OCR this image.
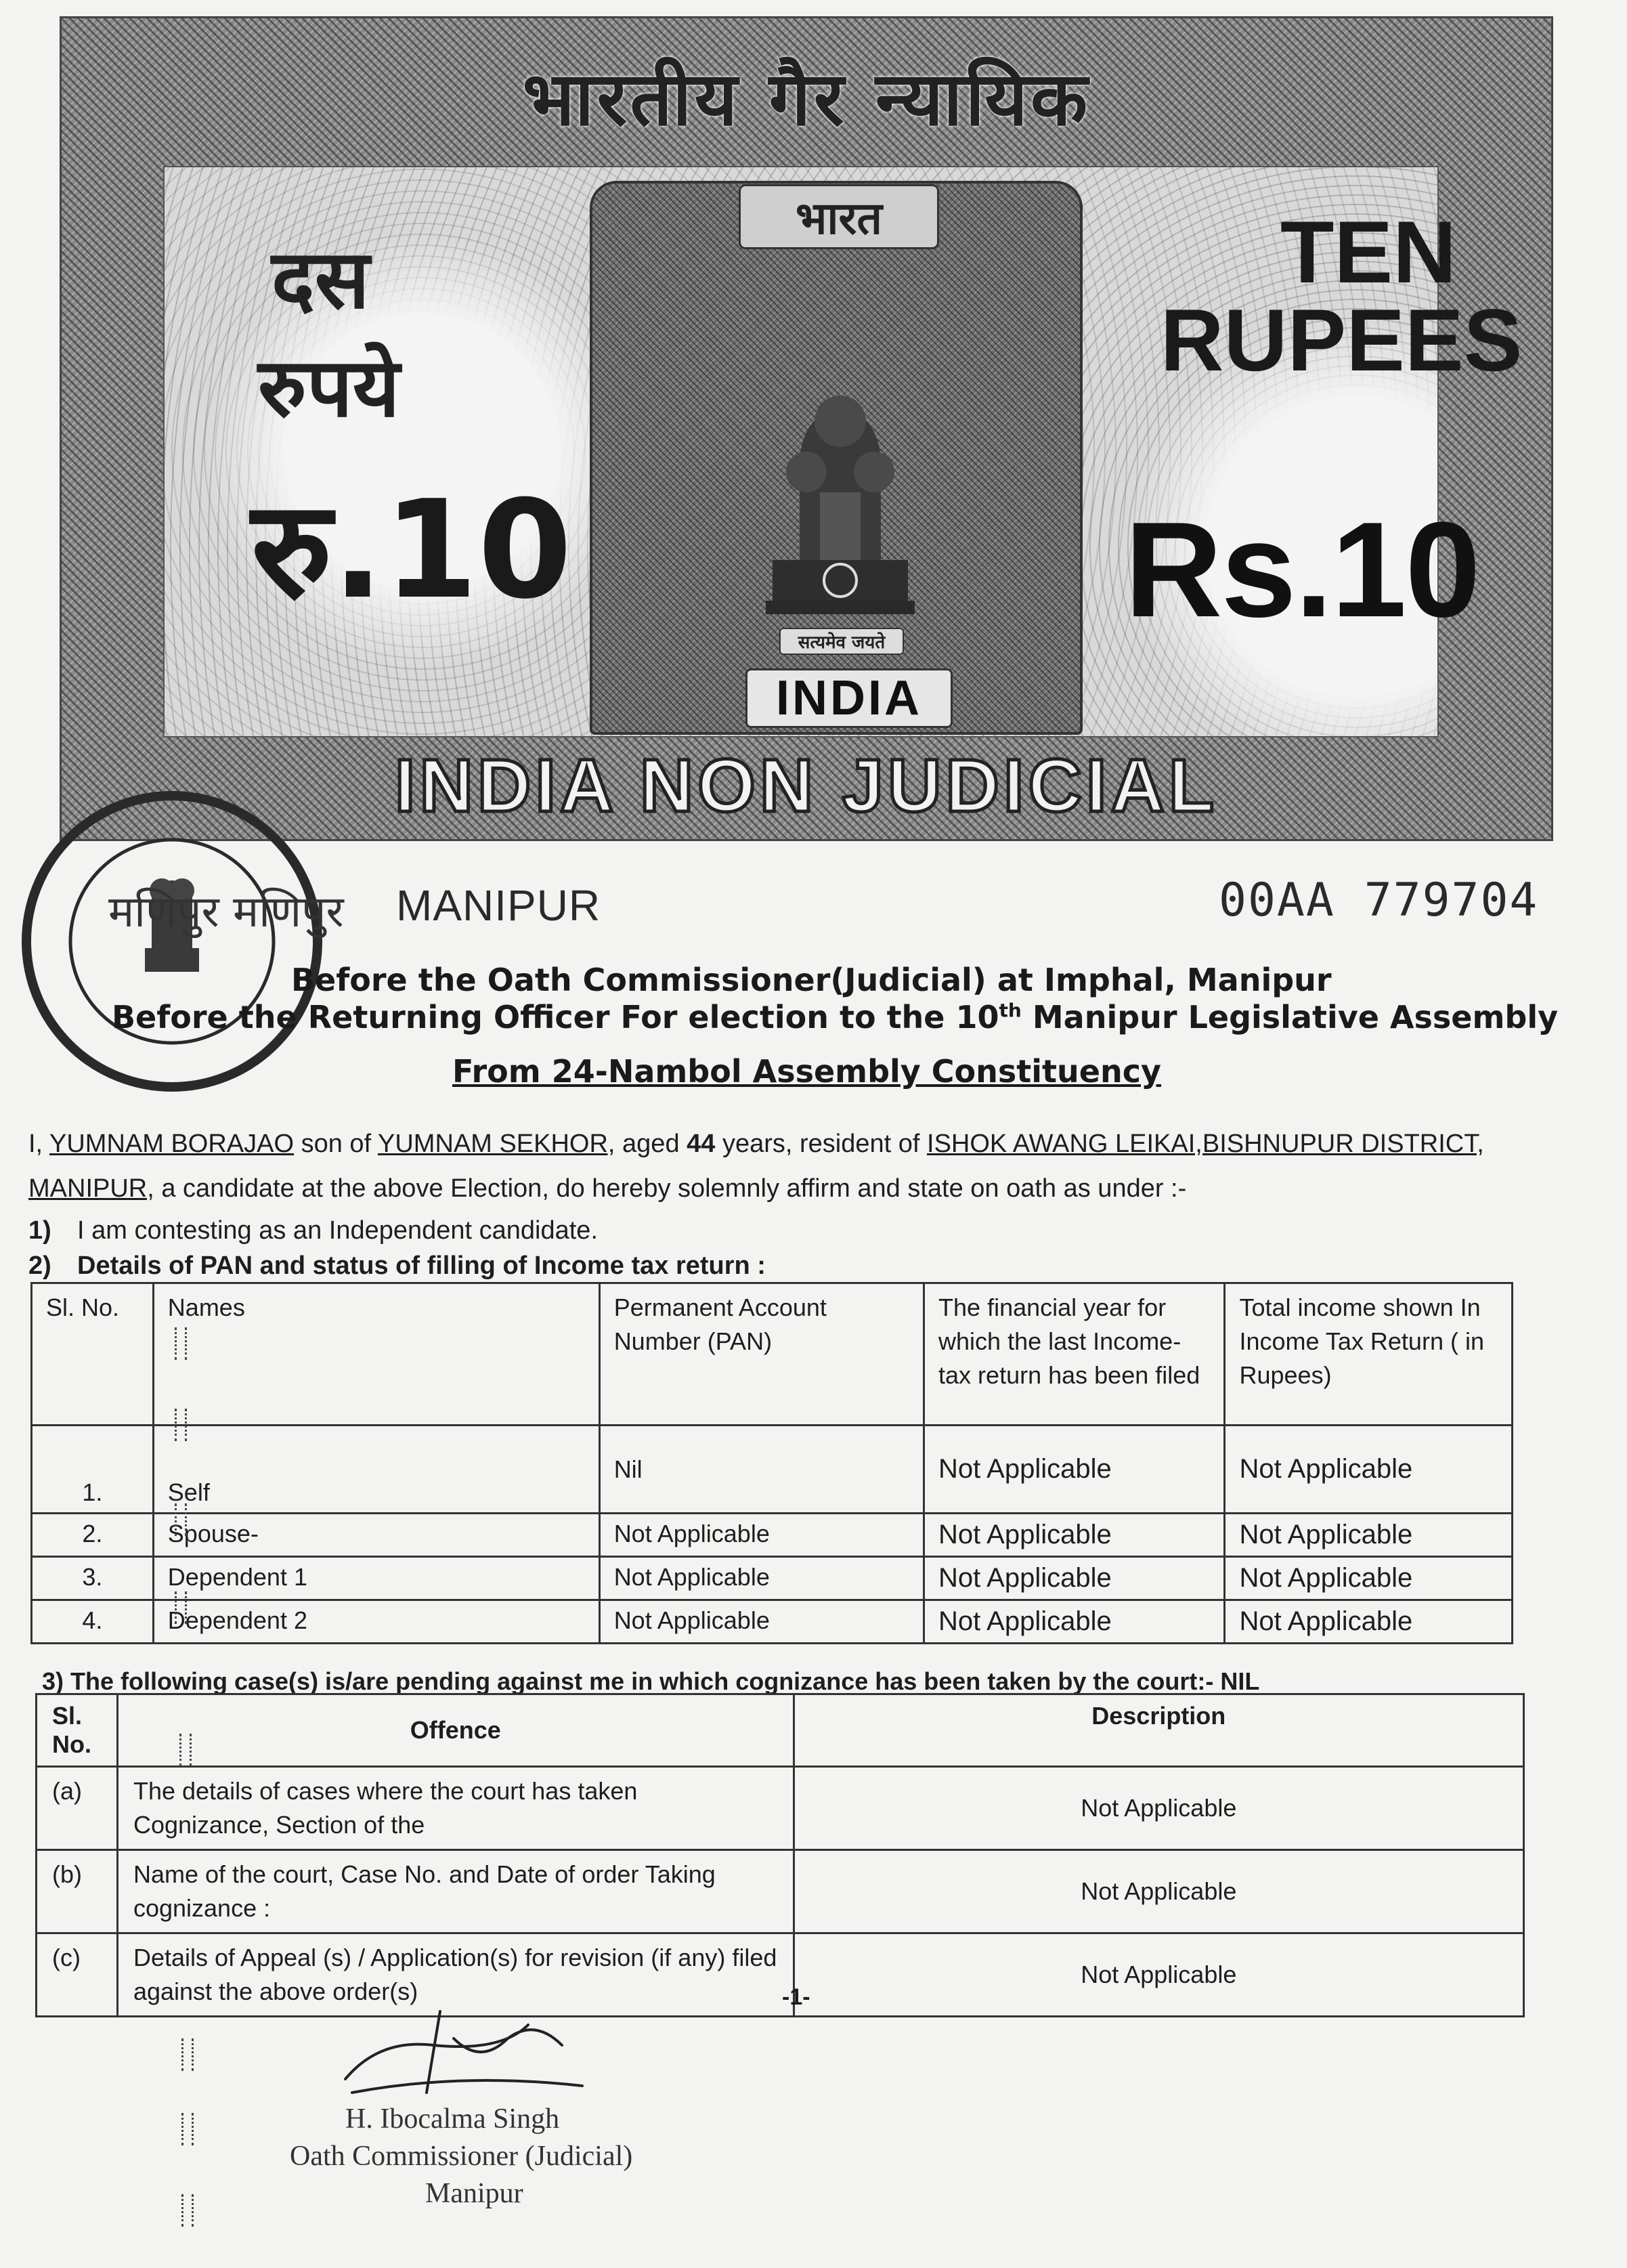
भारतीय गैर न्यायिक
दस
रुपये
रु.10
भारत
सत्यमेव जयते
INDIA
TEN
RUPEES
Rs.10
INDIA NON JUDICIAL
मणिपुर मणिपुर MANIPUR	00AA 779704
Before the Oath Commissioner(Judicial) at Imphal, Manipur
Before the Returning Officer For election to the 10th Manipur Legislative Assembly
From 24-Nambol Assembly Constituency
I, YUMNAM BORAJAO son of YUMNAM SEKHOR, aged 44 years, resident of ISHOK AWANG LEIKAI,BISHNUPUR DISTRICT,
MANIPUR, a candidate at the above Election, do hereby solemnly affirm and state on oath as under :-
1) I am contesting as an Independent candidate.
2) Details of PAN and status of filling of Income tax return :
Sl. No.	Names	Permanent Account Number (PAN)	The financial year for which the last Income-tax return has been filed	Total income shown In Income Tax Return ( in Rupees)
1.	Self	Nil	Not Applicable	Not Applicable
2.	Spouse-	Not Applicable	Not Applicable	Not Applicable
3.	Dependent 1	Not Applicable	Not Applicable	Not Applicable
4.	Dependent 2	Not Applicable	Not Applicable	Not Applicable
3) The following case(s) is/are pending against me in which cognizance has been taken by the court:- NIL
Sl. No.	Offence	Description
(a)	The details of cases where the court has taken Cognizance, Section of the	Not Applicable
(b)	Name of the court, Case No. and Date of order Taking cognizance :	Not Applicable
(c)	Details of Appeal (s) / Application(s) for revision (if any) filed against the above order(s)	Not Applicable
-1-
H. Ibocalma Singh
Oath Commissioner (Judicial)
Manipur
